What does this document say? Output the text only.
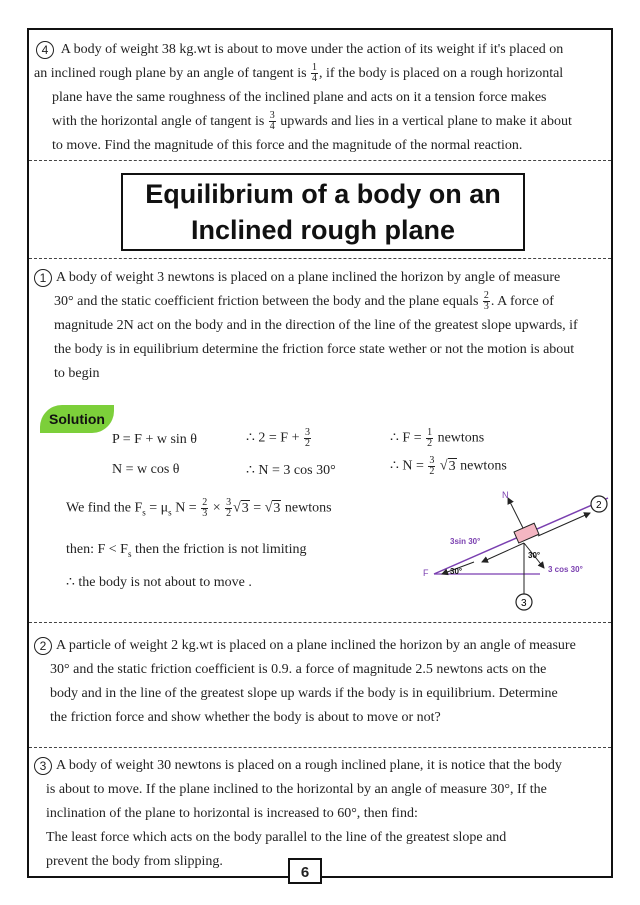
4 A body of weight 38 kg.wt is about to move under the action of its weight if it's placed on

an inclined rough plane by an angle of tangent is $\frac{1}{4}$ , if the body is placed on a rough horizontal

plane have the same roughness of the inclined plane and acts on it a tension force makes

with the horizontal angle of tangent is $\frac{3}{4}$ upwards and lies in a vertical plane to make it about

to move. Find the magnitude of this force and the magnitude of the normal reaction.

Equilibrium of a body on an
Inclined rough plane

1 A body of weight 3 newtons is placed on a plane inclined the horizon by angle of measure

30° and the static coefficient friction between the body and the plane equals $\frac{2}{3}$ . A force of

magnitude 2N act on the body and in the direction of the line of the greatest slope upwards, if

the body is in equilibrium determine the friction force state wether or not the motion is about

to begin

Solution
P = F + w sin θ	∴ $2 = F + \frac{3}{2}$	∴ $F = \frac{1}{2}$ newtons
N = w cos θ	∴ N = 3 cos 30°	∴ $N = \frac{3}{2} √3$ newtons
We find the $F_s = \mu_s$ $N = \frac{2}{3} \times \frac{3}{2} √3 = √3$ newtons
then: $F < F_s$ then the friction is not limiting
∴ the body is not about to move .
N
F
3sin 30°
30°
30°	3 cos 30°
2
3

2 A particle of weight 2 kg.wt is placed on a plane inclined the horizon by an angle of measure

30° and the static friction coefficient is 0.9. a force of magnitude 2.5 newtons acts on the

body and in the line of the greatest slope up wards if the body is in equilibrium. Determine

the friction force and show whether the body is about to move or not?

3 A body of weight 30 newtons is placed on a rough inclined plane, it is notice that the body

is about to move. If the plane inclined to the horizontal by an angle of measure 30°, If the

inclination of the plane to horizontal is increased to 60°, then find:

The least force which acts on the body parallel to the line of the greatest slope and

prevent the body from slipping.

6
